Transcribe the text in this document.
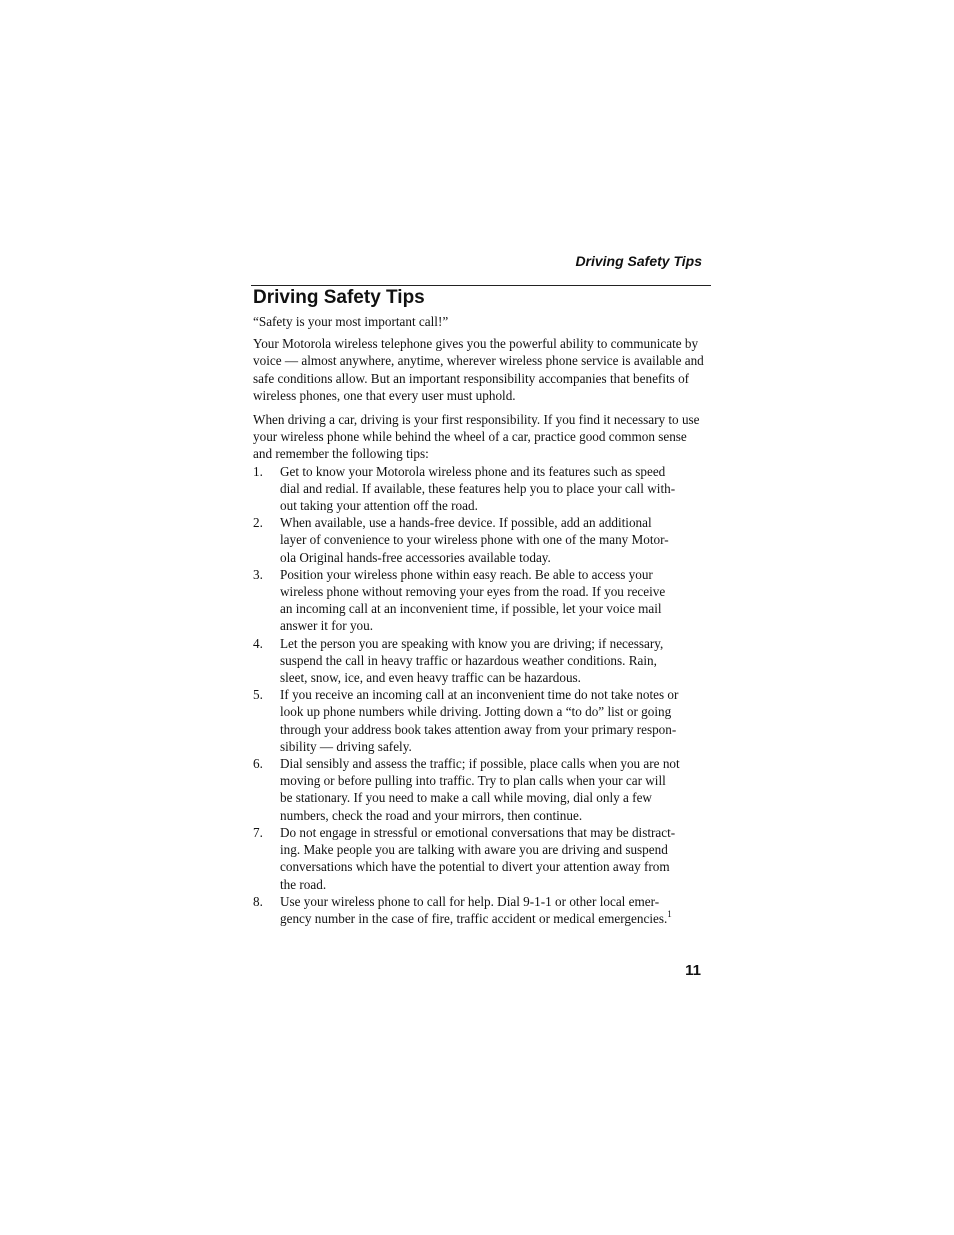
Driving Safety Tips
Driving Safety Tips

“Safety is your most important call!”

Your Motorola wireless telephone gives you the powerful ability to communicate by voice — almost anywhere, anytime, wherever wireless phone service is available and safe conditions allow. But an important responsibility accompanies that benefits of wireless phones, one that every user must uphold.

When driving a car, driving is your first responsibility. If you find it necessary to use your wireless phone while behind the wheel of a car, practice good common sense and remember the following tips:

1.	Get to know your Motorola wireless phone and its features such as speed
dial and redial. If available, these features help you to place your call with-
out taking your attention off the road.
2.	When available, use a hands-free device. If possible, add an additional
layer of convenience to your wireless phone with one of the many Motor-
ola Original hands-free accessories available today.
3.	Position your wireless phone within easy reach. Be able to access your
wireless phone without removing your eyes from the road. If you receive
an incoming call at an inconvenient time, if possible, let your voice mail
answer it for you.
4.	Let the person you are speaking with know you are driving; if necessary,
suspend the call in heavy traffic or hazardous weather conditions. Rain,
sleet, snow, ice, and even heavy traffic can be hazardous.
5.	If you receive an incoming call at an inconvenient time do not take notes or
look up phone numbers while driving. Jotting down a “to do” list or going
through your address book takes attention away from your primary respon-
sibility — driving safely.
6.	Dial sensibly and assess the traffic; if possible, place calls when you are not
moving or before pulling into traffic. Try to plan calls when your car will
be stationary. If you need to make a call while moving, dial only a few
numbers, check the road and your mirrors, then continue.
7.	Do not engage in stressful or emotional conversations that may be distract-
ing. Make people you are talking with aware you are driving and suspend
conversations which have the potential to divert your attention away from
the road.
8.	Use your wireless phone to call for help. Dial 9-1-1 or other local emer-
gency number in the case of fire, traffic accident or medical emergencies.$^1$
11
